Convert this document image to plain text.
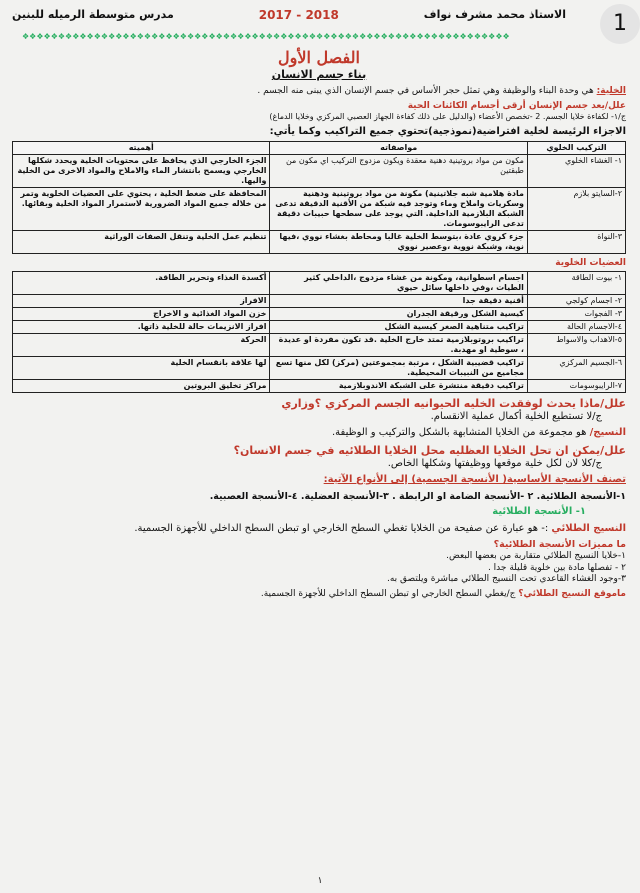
1
الاستاذ محمد مشرف نواف
2017 - 2018
مدرس متوسطة الرميله للبنين
❖❖❖❖❖❖❖❖❖❖❖❖❖❖❖❖❖❖❖❖❖❖❖❖❖❖❖❖❖❖❖❖❖❖❖❖❖❖❖❖❖❖❖❖❖❖❖❖❖❖❖❖❖❖❖❖❖❖❖❖❖❖❖❖❖❖❖❖
الفصل الأول
بناء جسم الانسان

الخلية: هي وحدة البناء والوظيفة وهي تمثل حجر الأساس في جسم الإنسان الذي يبنى منه الجسم .

علل/يعد جسم الإنسان أرقى أجسام الكائنات الحية

ج/١- لكفاءة خلايا الجسم. 2 -تخصص الأعضاء (والدليل على ذلك كفاءة الجهاز العصبي المركزي وخلايا الدماغ)

الاجزاء الرئيسة لخلية افتراضية(نموذجية)تحتوي جميع التراكيب وكما يأتي:

التركيب الخلوي	مواصفاته	أهميته
١- الغشاء الخلوي	مكون من مواد بروتينية دهنية معقدة ويكون مزدوج التركيب اي مكون من طبقتين	الجزء الخارجي الذي يحافظ على محتويات الخلية ويحدد شكلها الخارجي ويسمح بانتشار الماء والاملاح والمواد الاخرى من الخلية واليها.
٢-السايتو بلازم	مادة هلامية شبه جلاتينية) مكونة من مواد بروتينية ودهنية وسكريات واملاح وماء وتوجد فيه شبكة من الأقنية الدقيقة تدعى الشبكة البلازمية الداخلية. التي يوجد على سطحها حبيبات دقيقة تدعى الرايبوسومات.	المحافظة على ضغط الخلية ، يحتوي على العضيات الخلوية وتمر من خلاله جميع المواد الضرورية لاستمرار المواد الخلية وبقائها.
٣-النواة	جزء كروي عادة ،بتوسط الخلية غالبا ومحاطة بغشاء نووي ،فيها نوية، وشبكة نووية ،وعصير نووي	تنظيم عمل الخلية وتنقل الصفات الوراثية

العضيات الخلوية

١- بيوت الطاقة	اجسام اسطوانية، ومكونة من غشاء مزدوج ،الداخلي كثير الطيات ،وفي داخلها سائل حيوي	أكسدة الغذاء وتحرير الطاقة.
٢- اجسام كولجي	أقنية دقيقة جدا	الافراز
٣- الفجوات	كيسية الشكل ورقيقة الجدران	خزن المواد الغذائية و الاخراج
٤-الاجسام الحالة	تراكيب متناهية الصغر كيسية الشكل	افراز الانزيمات حالة للخلية ذاتها.
٥-الاهداب والاسواط	تراكيب بروتوبلازمية تمتد خارج الخلية .قد تكون مفردة او عديدة ، سوطية او مهدبة.	الحركة
٦-الجسيم المركزي	تراكيب قضيبية الشكل ، مرتبة بمجموعتين (مركز) لكل منها تسع مجاميع من النبيبات المحيطية.	لها علاقة بانقسام الخلية
٧-الرايبوسومات	تراكيب دقيقة منتشرة على الشبكة الاندوبلازمية	مراكز تخليق البروتين

علل/ماذا يحدث لوفقدت الخليه الحيوانيه الجسم المركزي ؟وزاري

ج/لا تستطيع الخلية أكمال عملية الانقسام.

النسيج/ هو مجموعة من الخلايا المتشابهة بالشكل والتركيب و الوظيفة.

علل/يمكن ان تحل الخلايا العظليه محل الخلايا الطلائيه في جسم الانسان؟

ج/كلا لان لكل خلية موقعها ووظيفتها وشكلها الخاص.

تصنف الأنسجة الأساسية( الأنسجة الجسمية) إلى الأنواع الآتية:

١-الأنسجة الطلائية. ٢ -الأنسجة الضامة او الرابطة . ٣-الأنسجة العضلية. ٤-الأنسجة العصبية.

١- الأنسجة الطلائية

النسيج الطلائي :- هو عبارة عن صفيحة من الخلايا تغطي السطح الخارجي او تبطن السطح الداخلي للأجهزة الجسمية.

ما مميزات الأنسجة الطلائية؟

١-خلايا النسيج الطلائي متقاربة من بعضها البعض.

٢ - تفصلها مادة بين خلوية قليلة جدا .

٣-وجود الغشاء القاعدي تحت النسيج الطلائي مباشرة ويلتصق به.

ماموقع النسيج الطلائي؟ ج/يغطي السطح الخارجي او تبطن السطح الداخلي للأجهزة الجسمية.

١
